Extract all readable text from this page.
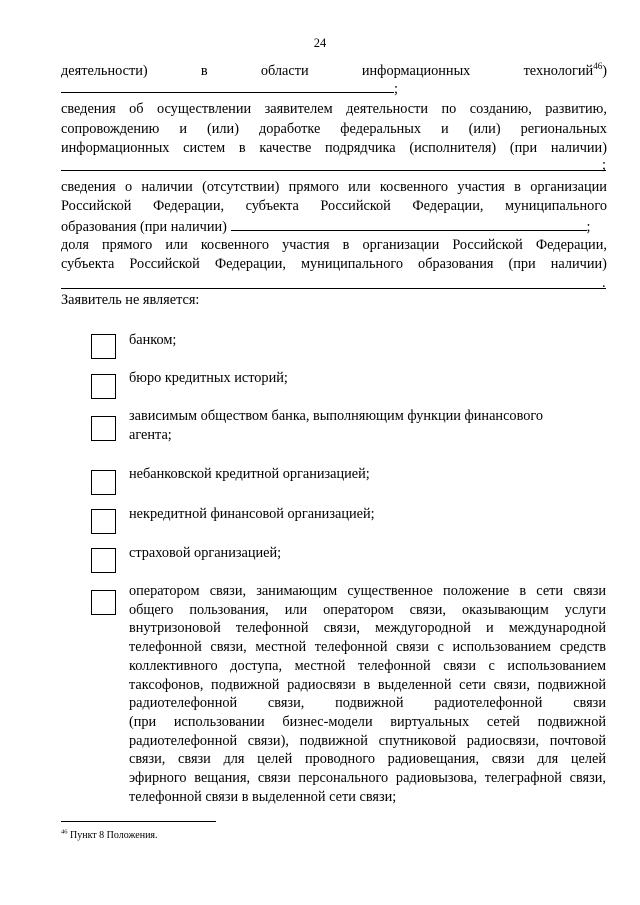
24
деятельности)	в	области	информационных	технологий$^{46}$)
;
сведения об осуществлении заявителем деятельности по созданию, развитию,
сопровождению и (или) доработке федеральных и (или) региональных
информационных систем в качестве подрядчика (исполнителя) (при наличии)
;
сведения о наличии (отсутствии) прямого или косвенного участия в организации
Российской Федерации, субъекта Российской Федерации, муниципального
образования (при наличии)	;
доля прямого или косвенного участия в организации Российской Федерации,
субъекта Российской Федерации, муниципального образования (при наличии)
.
Заявитель не является:
банком;
бюро кредитных историй;
зависимым обществом банка, выполняющим функции финансового
агента;
небанковской кредитной организацией;
некредитной финансовой организацией;
страховой организацией;
оператором связи, занимающим существенное положение в сети связи
общего пользования, или оператором связи, оказывающим услуги
внутризоновой телефонной связи, междугородной и международной
телефонной связи, местной телефонной связи с использованием средств
коллективного доступа, местной телефонной связи с использованием
таксофонов, подвижной радиосвязи в выделенной сети связи, подвижной
радиотелефонной связи, подвижной радиотелефонной связи
(при использовании бизнес-модели виртуальных сетей подвижной
радиотелефонной связи), подвижной спутниковой радиосвязи, почтовой
связи, связи для целей проводного радиовещания, связи для целей
эфирного вещания, связи персонального радиовызова, телеграфной связи,
телефонной связи в выделенной сети связи;
$^{46}$ Пункт 8 Положения.
